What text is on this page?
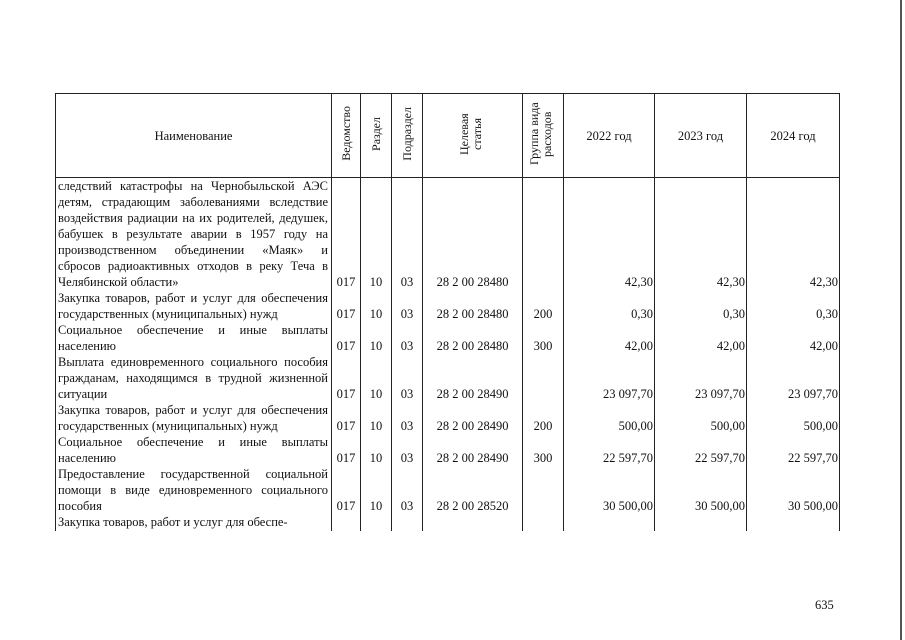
Наименование	Ведомство	Раздел	Подраздел	Целевая статья	Группа вида расходов	2022 год	2023 год	2024 год
следствий катастрофы на Чернобыльской АЭС детям, страдающим заболеваниями вследствие воздействия радиации на их родителей, дедушек, бабушек в результате аварии в 1957 году на производственном объединении «Маяк» и сбросов радиоактивных отходов в реку Теча в Челябинской области»	017	10	03	28 2 00 28480		42,30	42,30	42,30
Закупка товаров, работ и услуг для обеспечения государственных (муниципальных) нужд	017	10	03	28 2 00 28480	200	0,30	0,30	0,30
Социальное обеспечение и иные выплаты населению	017	10	03	28 2 00 28480	300	42,00	42,00	42,00
Выплата единовременного социального пособия гражданам, находящимся в трудной жизненной ситуации	017	10	03	28 2 00 28490		23 097,70	23 097,70	23 097,70
Закупка товаров, работ и услуг для обеспечения государственных (муниципальных) нужд	017	10	03	28 2 00 28490	200	500,00	500,00	500,00
Социальное обеспечение и иные выплаты населению	017	10	03	28 2 00 28490	300	22 597,70	22 597,70	22 597,70
Предоставление государственной социальной помощи в виде единовременного социального пособия	017	10	03	28 2 00 28520		30 500,00	30 500,00	30 500,00
Закупка товаров, работ и услуг для обеспе-								
635
